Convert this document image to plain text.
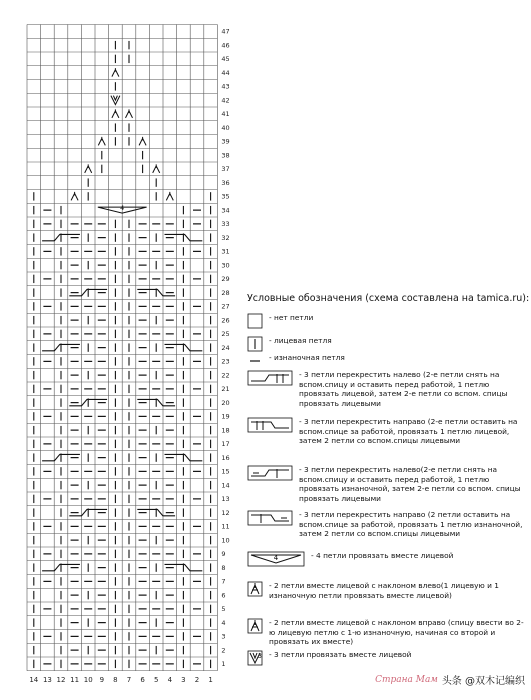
4
1
2
3
4
5
6
7
8
9
10
11
12
13
14
15
16
17
18
19
20
21
22
23
24
25
26
27
28
29
30
31
32
33
34
35
36
37
38
39
40
41
42
43
44
45
46
47
14 13 12 11 10 9 8 7 6 5 4 3 2 1
Условные обозначения (схема составлена на tamica.ru):
- нет петли
- лицевая петля
- изнаночная петля
- 3 петли перекрестить налево (2-е петли снять на вспом.спицу и оставить перед работой, 1 петлю провязать лицевой, затем 2-е петли со вспом. спицы провязать лицевыми
- 3 петли перекрестить направо (2-е петли оставить на вспом.спице за работой, провязать 1 петлю лицевой, затем 2 петли со вспом.спицы лицевыми
- 3 петли перекрестить налево(2-е петли снять на вспом.спицу и оставить перед работой, 1 петлю провязать изнаночной, затем 2-е петли со вспом. спицы провязать лицевыми
- 3 петли перекрестить направо (2 петли оставить на вспом.спице за работой, провязать 1 петлю изнаночной, затем 2 петли со вспом.спицы лицевыми
4	- 4 петли провязать вместе лицевой
- 2 петли вместе лицевой с наклоном влево(1 лицевую и 1 изнаночную петли провязать вместе лицевой)
- 2 петли вместе лицевой с наклоном вправо (спицу ввести во 2-ю лицевую петлю с 1-ю изнаночную, начиная со второй и провязать их вместе)
3 - 3 петли провязать вместе лицевой
Страна Мам 头条 @双木记编织
